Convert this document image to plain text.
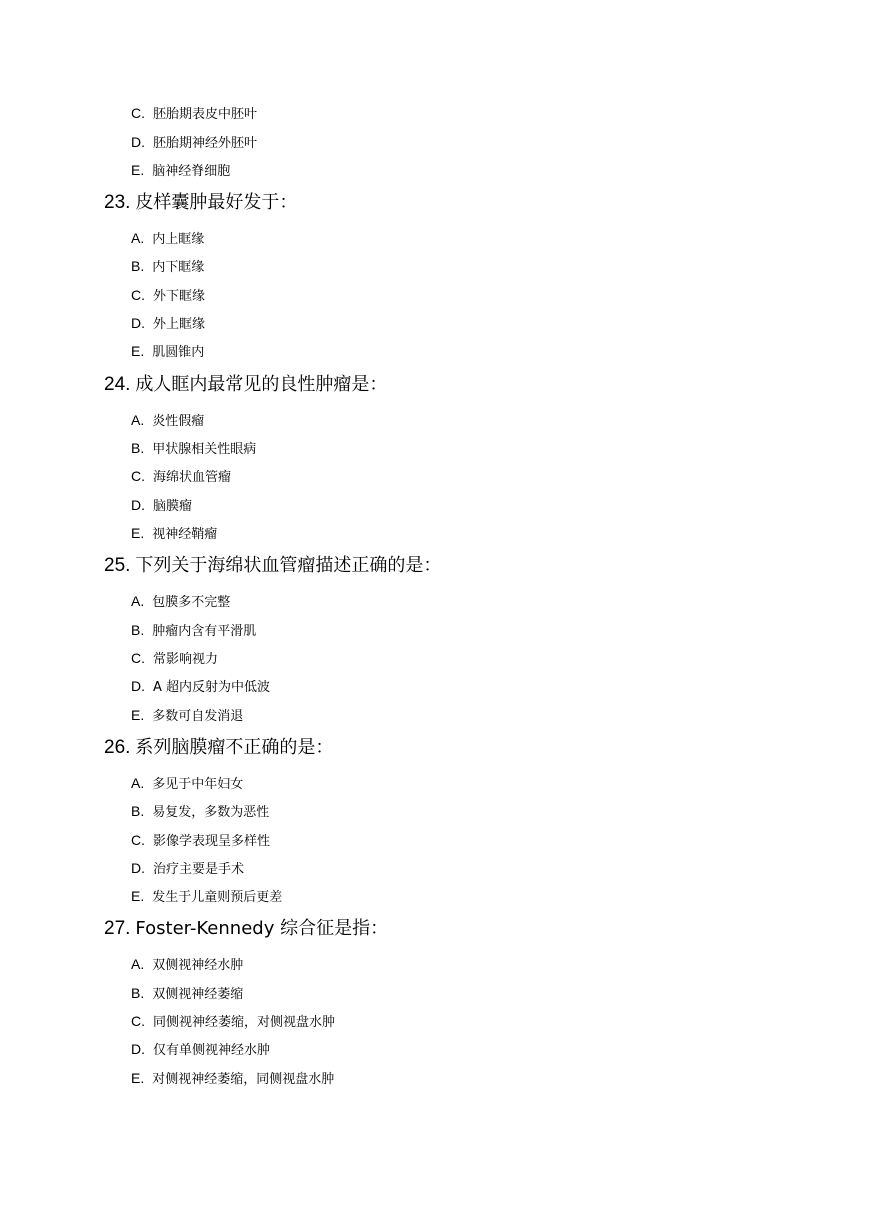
C. 胚胎期表皮中胚叶
D. 胚胎期神经外胚叶
E. 脑神经脊细胞
23. 皮样囊肿最好发于：
A. 内上眶缘
B. 内下眶缘
C. 外下眶缘
D. 外上眶缘
E. 肌圆锥内
24. 成人眶内最常见的良性肿瘤是：
A. 炎性假瘤
B. 甲状腺相关性眼病
C. 海绵状血管瘤
D. 脑膜瘤
E. 视神经鞘瘤
25. 下列关于海绵状血管瘤描述正确的是：
A. 包膜多不完整
B. 肿瘤内含有平滑肌
C. 常影响视力
D. A 超内反射为中低波
E. 多数可自发消退
26. 系列脑膜瘤不正确的是：
A. 多见于中年妇女
B. 易复发，多数为恶性
C. 影像学表现呈多样性
D. 治疗主要是手术
E. 发生于儿童则预后更差
27. Foster-Kennedy 综合征是指：
A. 双侧视神经水肿
B. 双侧视神经萎缩
C. 同侧视神经萎缩，对侧视盘水肿
D. 仅有单侧视神经水肿
E. 对侧视神经萎缩，同侧视盘水肿
